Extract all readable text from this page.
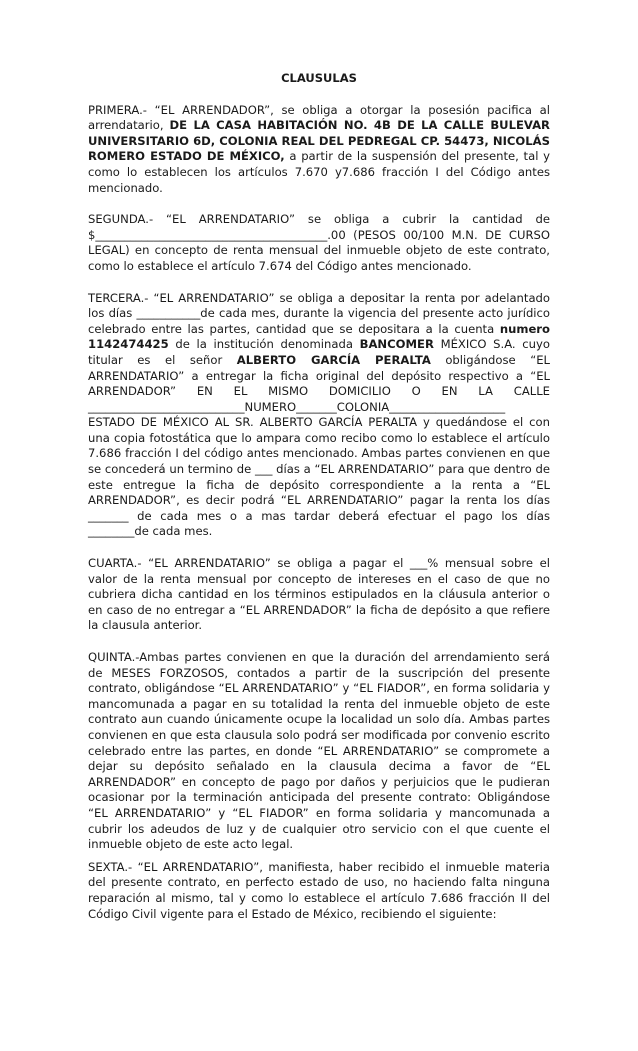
CLAUSULAS

PRIMERA.- “EL ARRENDADOR”, se obliga a otorgar la posesión pacifica al arrendatario, DE LA CASA HABITACIÓN NO. 4B DE LA CALLE BULEVAR UNIVERSITARIO 6D, COLONIA REAL DEL PEDREGAL CP. 54473, NICOLÁS ROMERO ESTADO DE MÉXICO, a partir de la suspensión del presente, tal y como lo establecen los artículos 7.670 y7.686 fracción I del Código antes mencionado.

SEGUNDA.- “EL ARRENDATARIO” se obliga a cubrir la cantidad de $________________________________________.00 (PESOS 00/100 M.N. DE CURSO LEGAL) en concepto de renta mensual del inmueble objeto de este contrato, como lo establece el artículo 7.674 del Código antes mencionado.

TERCERA.- “EL ARRENDATARIO” se obliga a depositar la renta por adelantado los días ___________de cada mes, durante la vigencia del presente acto jurídico celebrado entre las partes, cantidad que se depositara a la cuenta numero 1142474425 de la institución denominada BANCOMER MÉXICO S.A. cuyo titular es el señor ALBERTO GARCÍA PERALTA obligándose “EL ARRENDATARIO” a entregar la ficha original del depósito respectivo a “EL ARRENDADOR” EN EL MISMO DOMICILIO O EN LA CALLE ___________________________NUMERO_______COLONIA____________________ ESTADO DE MÉXICO AL SR. ALBERTO GARCÍA PERALTA y quedándose el con una copia fotostática que lo ampara como recibo como lo establece el artículo 7.686 fracción I del código antes mencionado. Ambas partes convienen en que se concederá un termino de ___ días a “EL ARRENDATARIO” para que dentro de este entregue la ficha de depósito correspondiente a la renta a “EL ARRENDADOR”, es decir podrá “EL ARRENDATARIO” pagar la renta los días _______ de cada mes o a mas tardar deberá efectuar el pago los días ________de cada mes.

CUARTA.- “EL ARRENDATARIO” se obliga a pagar el ___% mensual sobre el valor de la renta mensual por concepto de intereses en el caso de que no cubriera dicha cantidad en los términos estipulados en la cláusula anterior o en caso de no entregar a “EL ARRENDADOR” la ficha de depósito a que refiere la clausula anterior.

QUINTA.-Ambas partes convienen en que la duración del arrendamiento será de MESES FORZOSOS, contados a partir de la suscripción del presente contrato, obligándose “EL ARRENDATARIO” y “EL FIADOR”, en forma solidaria y mancomunada a pagar en su totalidad la renta del inmueble objeto de este contrato aun cuando únicamente ocupe la localidad un solo día. Ambas partes convienen en que esta clausula solo podrá ser modificada por convenio escrito celebrado entre las partes, en donde “EL ARRENDATARIO” se compromete a dejar su depósito señalado en la clausula decima a favor de “EL ARRENDADOR” en concepto de pago por daños y perjuicios que le pudieran ocasionar por la terminación anticipada del presente contrato: Obligándose “EL ARRENDATARIO” y “EL FIADOR” en forma solidaria y mancomunada a cubrir los adeudos de luz y de cualquier otro servicio con el que cuente el inmueble objeto de este acto legal.

SEXTA.- “EL ARRENDATARIO”, manifiesta, haber recibido el inmueble materia del presente contrato, en perfecto estado de uso, no haciendo falta ninguna reparación al mismo, tal y como lo establece el artículo 7.686 fracción II del Código Civil vigente para el Estado de México, recibiendo el siguiente:
